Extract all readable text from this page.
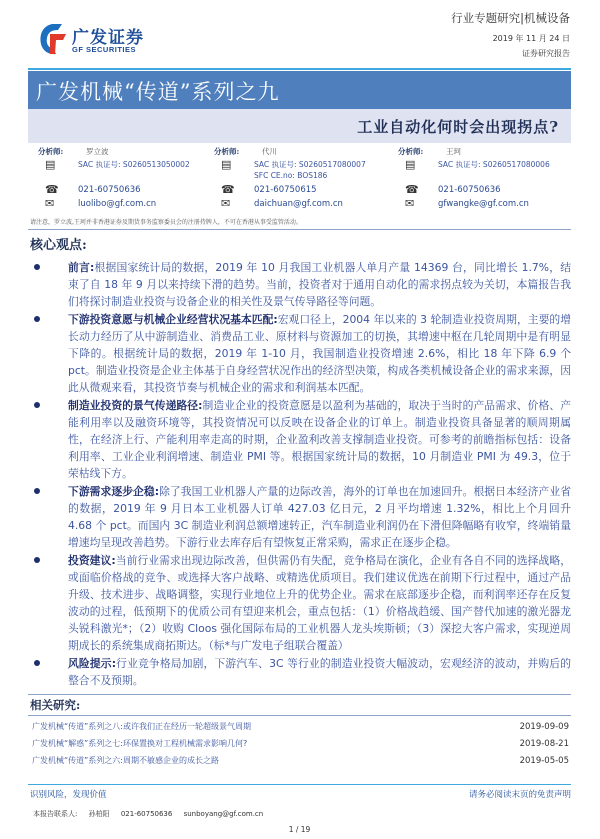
广发证券
GF SECURITIES
行业专题研究|机械设备
2019 年 11 月 24 日
证券研究报告
广发机械“传道”系列之九
工业自动化何时会出现拐点?
分析师:	罗立波
▤	SAC 执证号: S0260513050002
☎ 021-60750636
✉	luolibo@gf.com.cn
分析师:	代川
▤	SAC 执证号: S0260517080007
SFC CE.no: BOS186
☎ 021-60750615
✉	daichuan@gf.com.cn
分析师:	王珂
▤	SAC 执证号: S0260517080006
☎ 021-60750636
✉	gfwangke@gf.com.cn
请注意，罗立波,王珂并非香港证券及期货事务监察委员会的注册持牌人，不可在香港从事受监管活动。
核心观点:
前言:根据国家统计局的数据，2019 年 10 月我国工业机器人单月产量 14369 台，同比增长 1.7%，结束了自 18 年 9 月以来持续下滑的趋势。当前，投资者对于通用自动化的需求拐点较为关切，本篇报告我们将探讨制造业投资与设备企业的相关性及景气传导路径等问题。
下游投资意愿与机械企业经营状况基本匹配:宏观口径上，2004 年以来的 3 轮制造业投资周期，主要的增长动力经历了从中游制造业、消费品工业、原材料与资源加工的切换，其增速中枢在几轮周期中是有明显下降的。根据统计局的数据，2019 年 1-10 月，我国制造业投资增速 2.6%，相比 18 年下降 6.9 个 pct。制造业投资是企业主体基于自身经营状况作出的经济型决策，构成各类机械设备企业的需求来源，因此从微观来看，其投资节奏与机械企业的需求和利润基本匹配。
制造业投资的景气传递路径:制造业企业的投资意愿是以盈利为基础的，取决于当时的产品需求、价格、产能利用率以及融资环境等，其投资情况可以反映在设备企业的订单上。制造业投资具备显著的顺周期属性，在经济上行、产能利用率走高的时期，企业盈利改善支撑制造业投资。可参考的前瞻指标包括：设备利用率、工业企业利润增速、制造业 PMI 等。根据国家统计局的数据，10 月制造业 PMI 为 49.3，位于荣枯线下方。
下游需求逐步企稳:除了我国工业机器人产量的边际改善，海外的订单也在加速回升。根据日本经济产业省的数据，2019 年 9 月日本工业机器人订单 427.03 亿日元，2 月平均增速 1.32%，相比上个月回升 4.68 个 pct。而国内 3C 制造业利润总额增速转正，汽车制造业利润仍在下滑但降幅略有收窄，终端销量增速均呈现改善趋势。下游行业去库存后有望恢复正常采购，需求正在逐步企稳。
投资建议:当前行业需求出现边际改善，但供需仍有失配，竞争格局在演化，企业有各自不同的选择战略，或面临价格战的竞争、或选择大客户战略、或精选优质项目。我们建议优选在前期下行过程中，通过产品升级、技术进步、战略调整，实现行业地位上升的优势企业。需求在底部逐步企稳，而利润率还存在反复波动的过程，低预期下的优质公司有望迎来机会，重点包括：（1）价格战趋缓、国产替代加速的激光器龙头锐科激光*；（2）收购 Cloos 强化国际布局的工业机器人龙头埃斯顿；（3）深挖大客户需求，实现逆周期成长的系统集成商拓斯达。（标*与广发电子组联合覆盖）
风险提示:行业竞争格局加剧，下游汽车、3C 等行业的制造业投资大幅波动，宏观经济的波动，并购后的整合不及预期。
相关研究:
广发机械“传道”系列之八:或许我们正在经历一轮超级景气周期	2019-09-09
广发机械“解惑”系列之七:环保置换对工程机械需求影响几何?	2019-08-21
广发机械“传道”系列之六:周期不敏感企业的成长之路	2019-05-05
识别风险，发现价值	请务必阅读末页的免责声明
本报告联系人: 孙柏阳 021-60750636 sunboyang@gf.com.cn
1 / 19
